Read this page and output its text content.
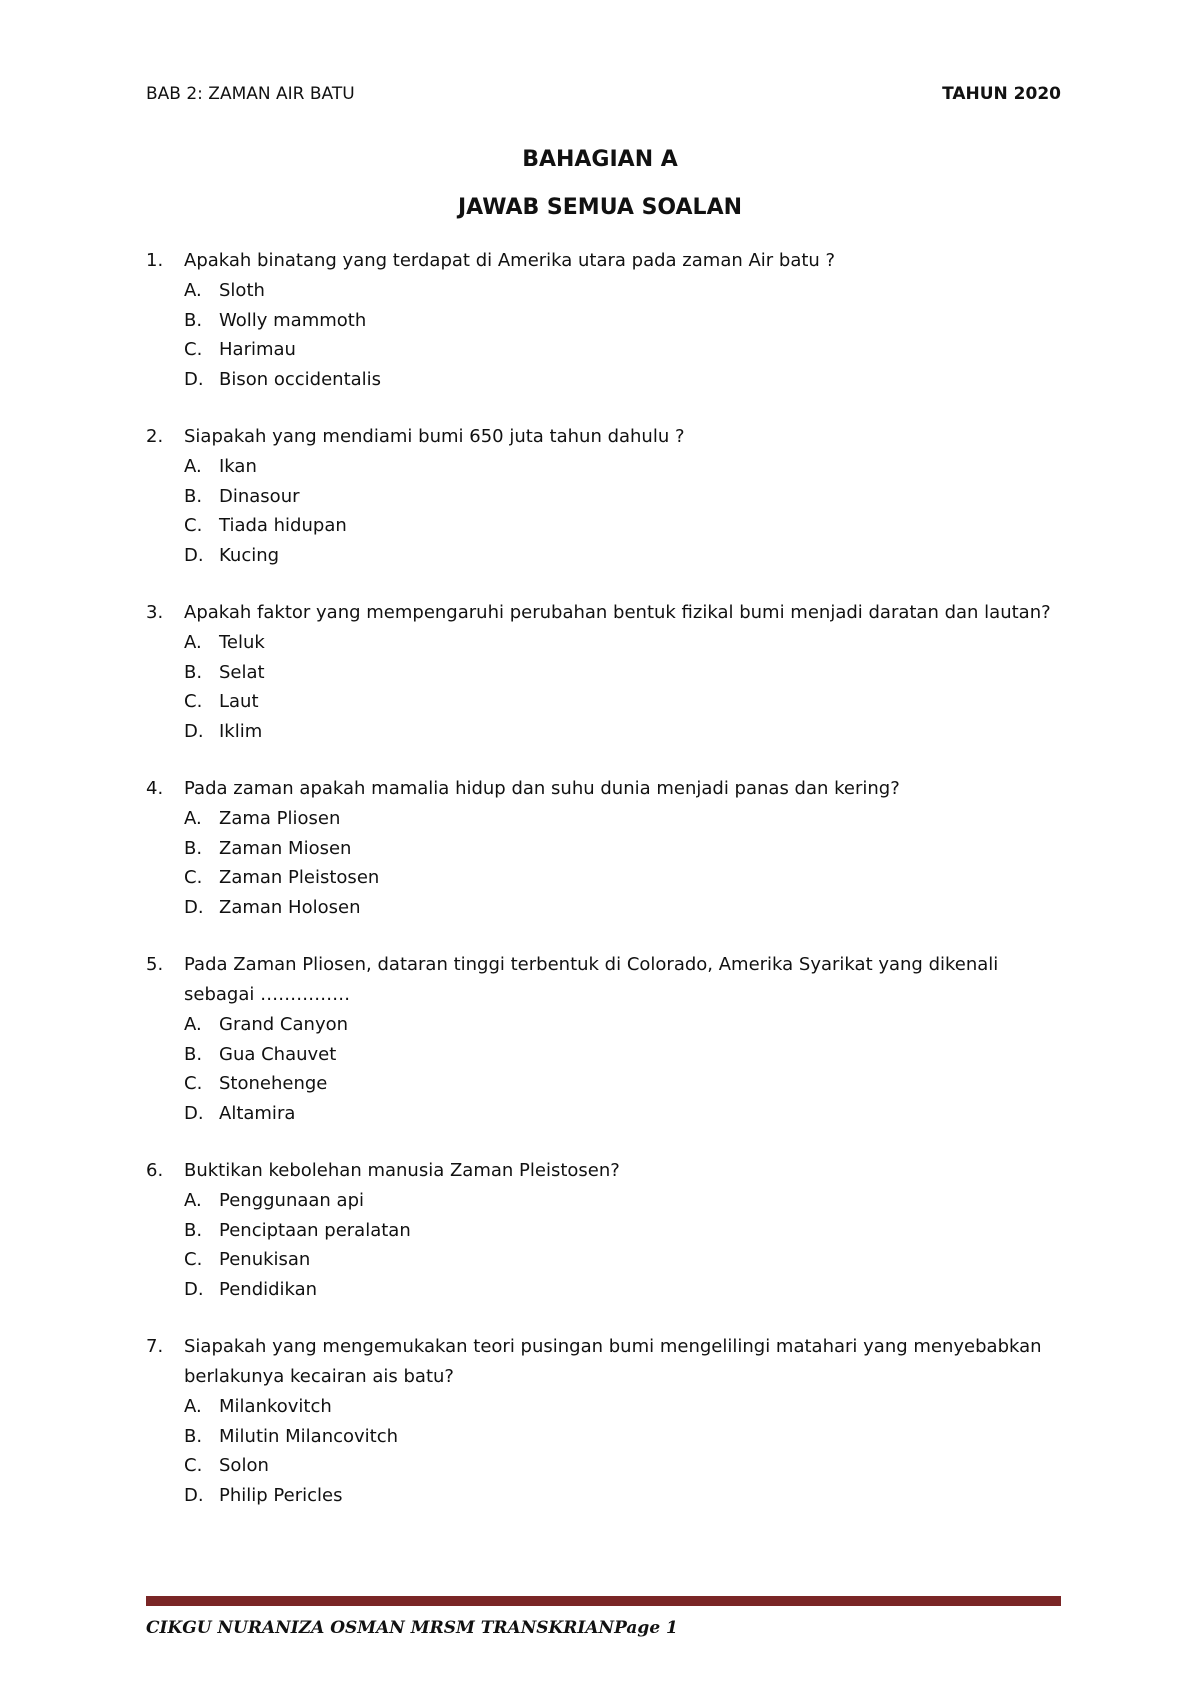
BAB 2: ZAMAN AIR BATU	TAHUN 2020
BAHAGIAN A
JAWAB SEMUA SOALAN
1.	Apakah binatang yang terdapat di Amerika utara pada zaman Air batu ?
A. Sloth
B. Wolly mammoth
C. Harimau
D. Bison occidentalis
2.	Siapakah yang mendiami bumi 650 juta tahun dahulu ?
A. Ikan
B. Dinasour
C. Tiada hidupan
D. Kucing
3.	Apakah faktor yang mempengaruhi perubahan bentuk fizikal bumi menjadi daratan dan lautan?
A. Teluk
B. Selat
C. Laut
D. Iklim
4.	Pada zaman apakah mamalia hidup dan suhu dunia menjadi panas dan kering?
A. Zama Pliosen
B. Zaman Miosen
C. Zaman Pleistosen
D. Zaman Holosen
5.	Pada Zaman Pliosen, dataran tinggi terbentuk di Colorado, Amerika Syarikat yang dikenali sebagai ……………
A. Grand Canyon
B. Gua Chauvet
C. Stonehenge
D. Altamira
6.	Buktikan kebolehan manusia Zaman Pleistosen?
A. Penggunaan api
B. Penciptaan peralatan
C. Penukisan
D. Pendidikan
7.	Siapakah yang mengemukakan teori pusingan bumi mengelilingi matahari yang menyebabkan berlakunya kecairan ais batu?
A. Milankovitch
B. Milutin Milancovitch
C. Solon
D. Philip Pericles
CIKGU NURANIZA OSMAN MRSM TRANSKRIANPage 1
